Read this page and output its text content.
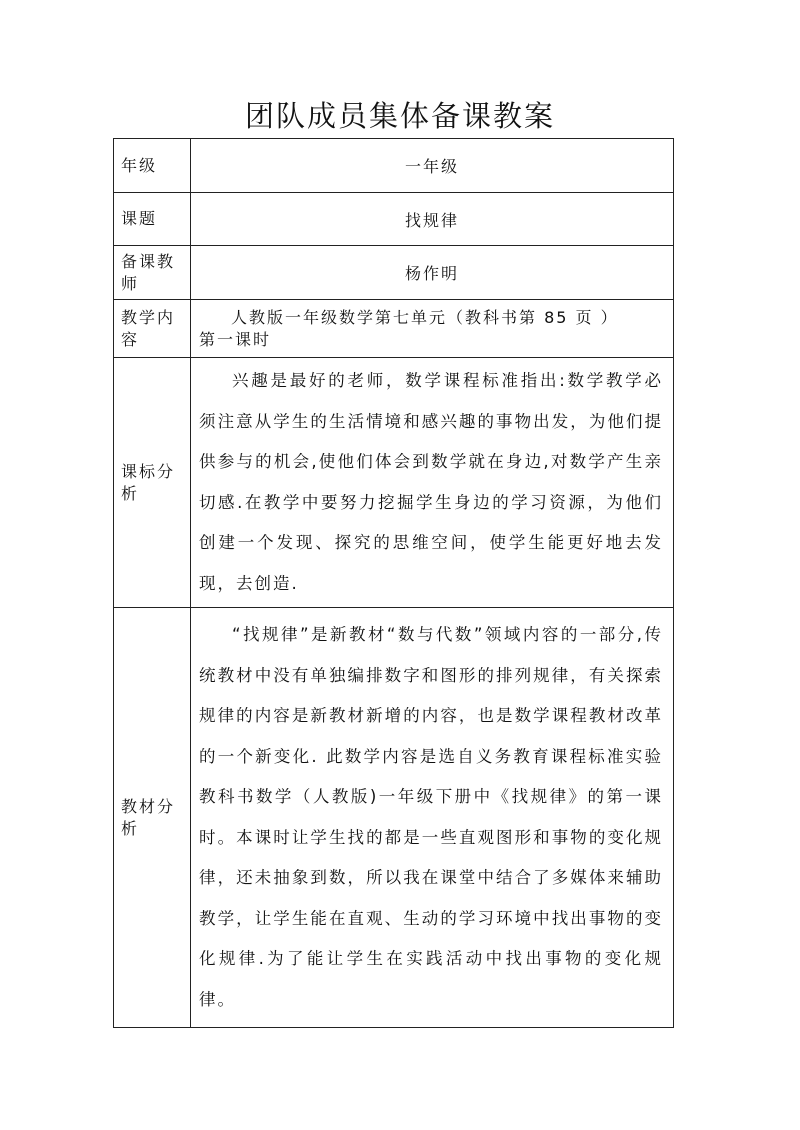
团队成员集体备课教案
年级	一年级

课题	找规律

备课教师	杨作明

教学内容	人教版一年级数学第七单元（教科书第 85 页 ）
第一课时

课标分析	兴趣是最好的老师，数学课程标准指出:数学教学必须注意从学生的生活情境和感兴趣的事物出发，为他们提供参与的机会,使他们体会到数学就在身边,对数学产生亲切感.在教学中要努力挖掘学生身边的学习资源，为他们创建一个发现、探究的思维空间，使学生能更好地去发现，去创造.

教材分析	“找规律”是新教材“数与代数”领域内容的一部分,传统教材中没有单独编排数字和图形的排列规律，有关探索规律的内容是新教材新增的内容，也是数学课程教材改革的一个新变化. 此数学内容是选自义务教育课程标准实验教科书数学（人教版)一年级下册中《找规律》的第一课时。本课时让学生找的都是一些直观图形和事物的变化规律，还未抽象到数，所以我在课堂中结合了多媒体来辅助教学，让学生能在直观、生动的学习环境中找出事物的变化规律.为了能让学生在实践活动中找出事物的变化规律。
